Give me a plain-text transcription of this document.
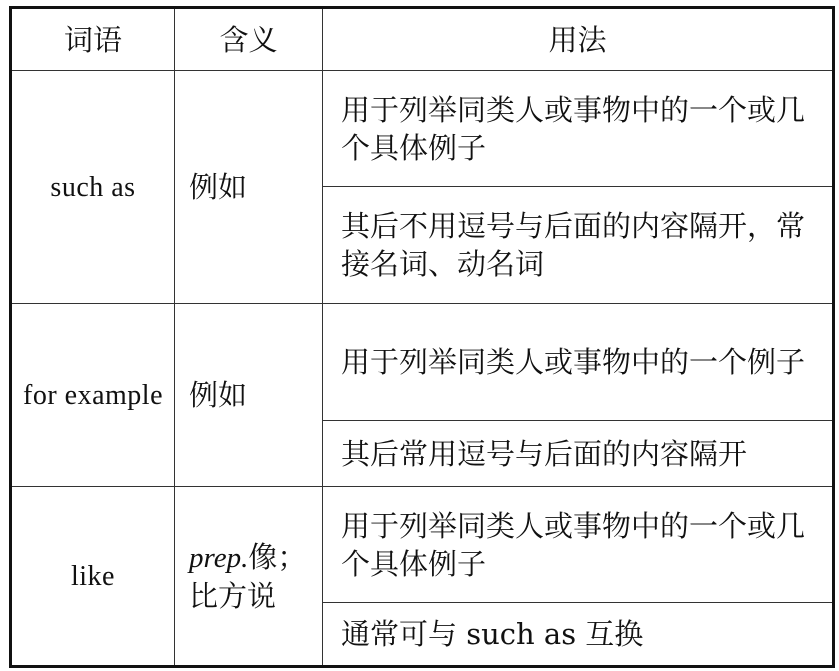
词语	含义	用法
such as	例如	用于列举同类人或事物中的一个或几个具体例子
		其后不用逗号与后面的内容隔开，常接名词、动名词
for example	例如	用于列举同类人或事物中的一个例子
		其后常用逗号与后面的内容隔开
like	prep.像；比方说	用于列举同类人或事物中的一个或几个具体例子
		通常可与 such as 互换
